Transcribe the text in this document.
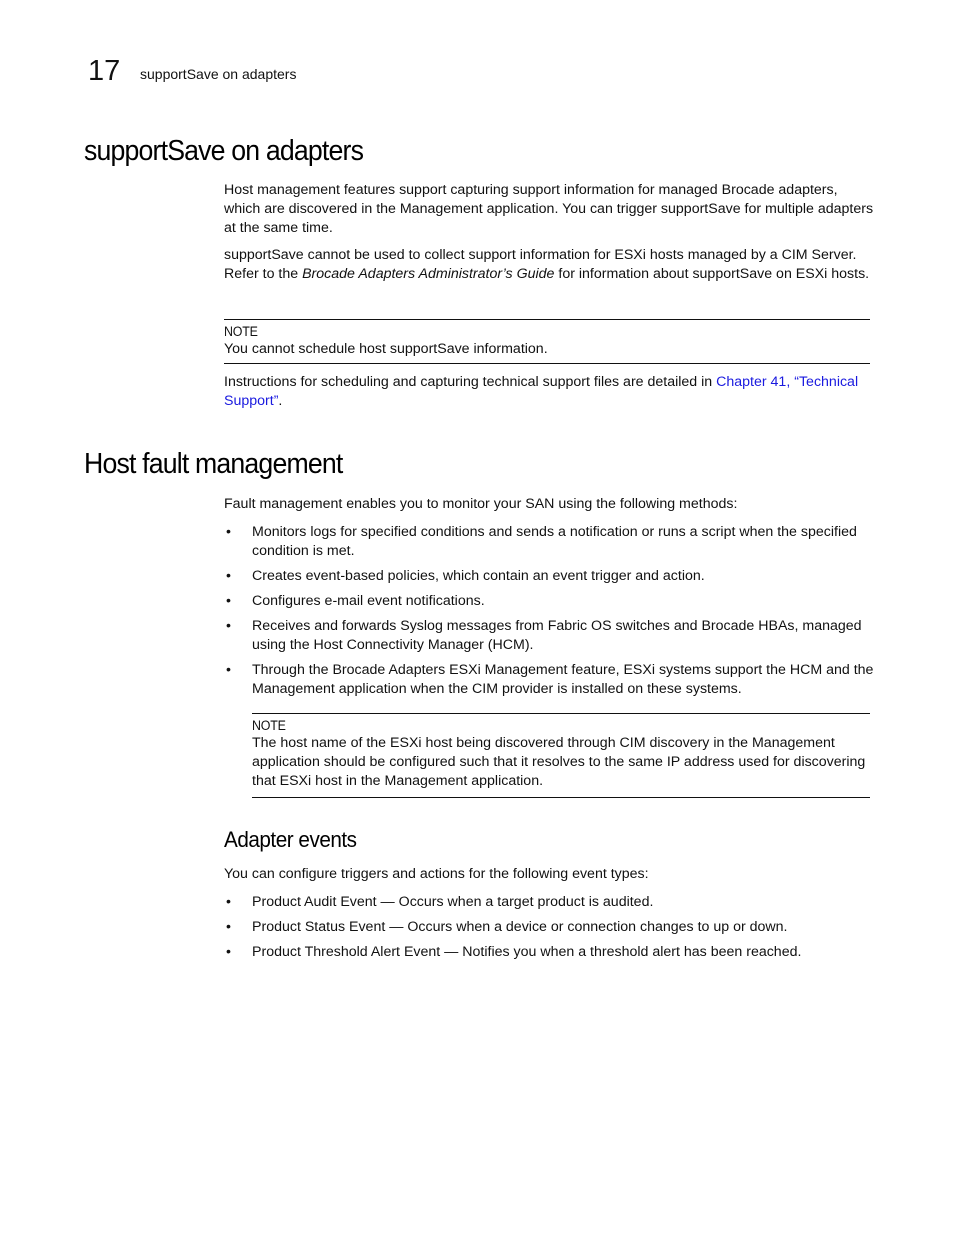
17 supportSave on adapters
supportSave on adapters

Host management features support capturing support information for managed Brocade adapters, which are discovered in the Management application. You can trigger supportSave for multiple adapters at the same time.

supportSave cannot be used to collect support information for ESXi hosts managed by a CIM Server. Refer to the Brocade Adapters Administrator’s Guide for information about supportSave on ESXi hosts.

NOTE
You cannot schedule host supportSave information.

Instructions for scheduling and capturing technical support files are detailed in Chapter 41, “Technical Support”.

Host fault management

Fault management enables you to monitor your SAN using the following methods:

• Monitors logs for specified conditions and sends a notification or runs a script when the specified condition is met.
• Creates event-based policies, which contain an event trigger and action.
• Configures e-mail event notifications.
• Receives and forwards Syslog messages from Fabric OS switches and Brocade HBAs, managed using the Host Connectivity Manager (HCM).
• Through the Brocade Adapters ESXi Management feature, ESXi systems support the HCM and the Management application when the CIM provider is installed on these systems.
NOTE
The host name of the ESXi host being discovered through CIM discovery in the Management application should be configured such that it resolves to the same IP address used for discovering that ESXi host in the Management application.
Adapter events

You can configure triggers and actions for the following event types:

• Product Audit Event — Occurs when a target product is audited.
• Product Status Event — Occurs when a device or connection changes to up or down.
• Product Threshold Alert Event — Notifies you when a threshold alert has been reached.
